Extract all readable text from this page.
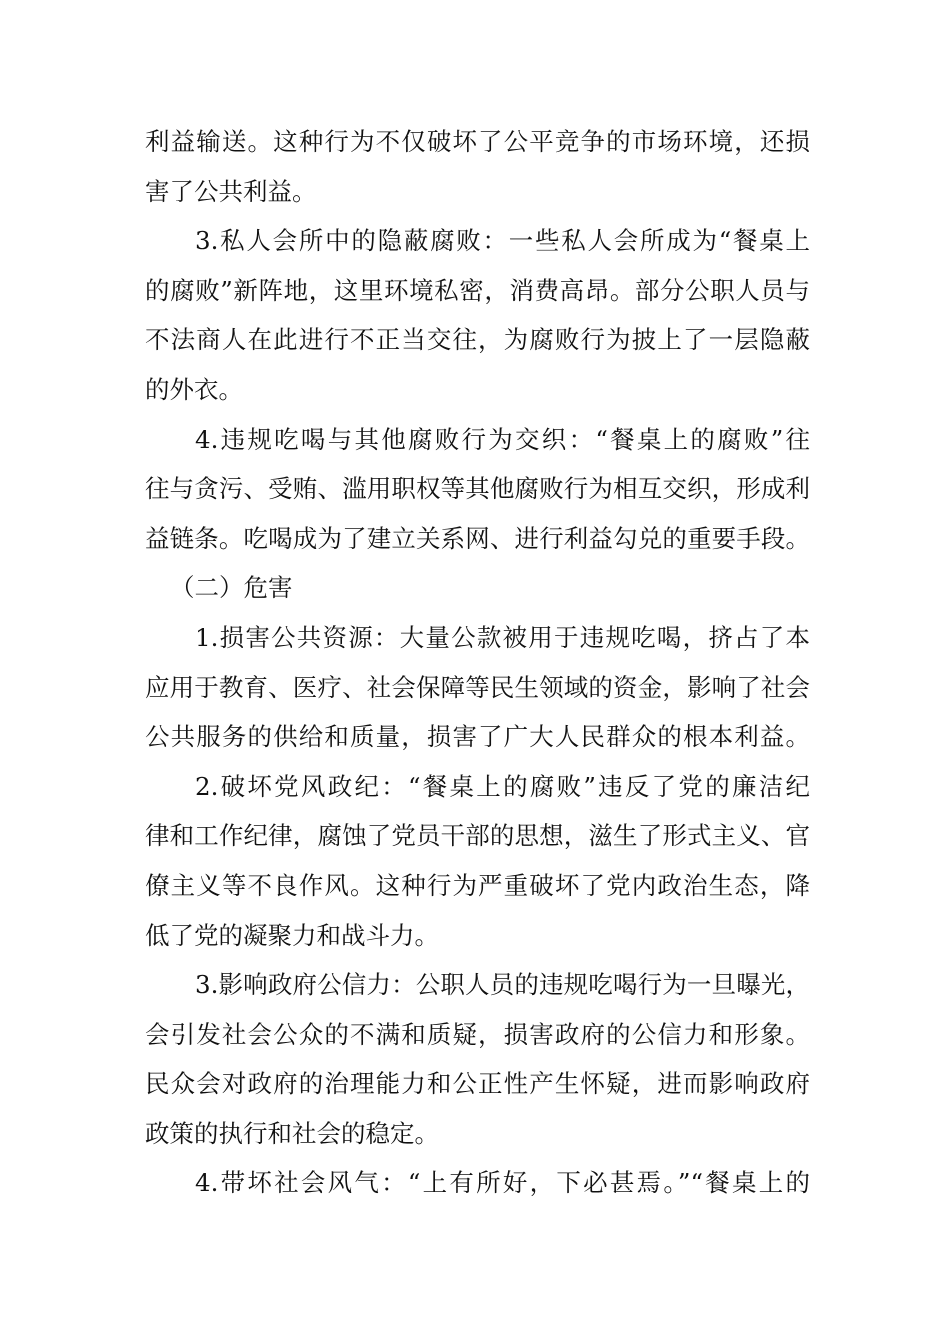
利益输送。这种行为不仅破坏了公平竞争的市场环境，还损
害了公共利益。
3.私人会所中的隐蔽腐败：一些私人会所成为“餐桌上
的腐败”新阵地，这里环境私密，消费高昂。部分公职人员与
不法商人在此进行不正当交往，为腐败行为披上了一层隐蔽
的外衣。
4.违规吃喝与其他腐败行为交织：“餐桌上的腐败”往
往与贪污、受贿、滥用职权等其他腐败行为相互交织，形成利
益链条。吃喝成为了建立关系网、进行利益勾兑的重要手段。
（二）危害
1.损害公共资源：大量公款被用于违规吃喝，挤占了本
应用于教育、医疗、社会保障等民生领域的资金，影响了社会
公共服务的供给和质量，损害了广大人民群众的根本利益。
2.破坏党风政纪：“餐桌上的腐败”违反了党的廉洁纪
律和工作纪律，腐蚀了党员干部的思想，滋生了形式主义、官
僚主义等不良作风。这种行为严重破坏了党内政治生态，降
低了党的凝聚力和战斗力。
3.影响政府公信力：公职人员的违规吃喝行为一旦曝光，
会引发社会公众的不满和质疑，损害政府的公信力和形象。
民众会对政府的治理能力和公正性产生怀疑，进而影响政府
政策的执行和社会的稳定。
4.带坏社会风气：“上有所好，下必甚焉。”“餐桌上的
